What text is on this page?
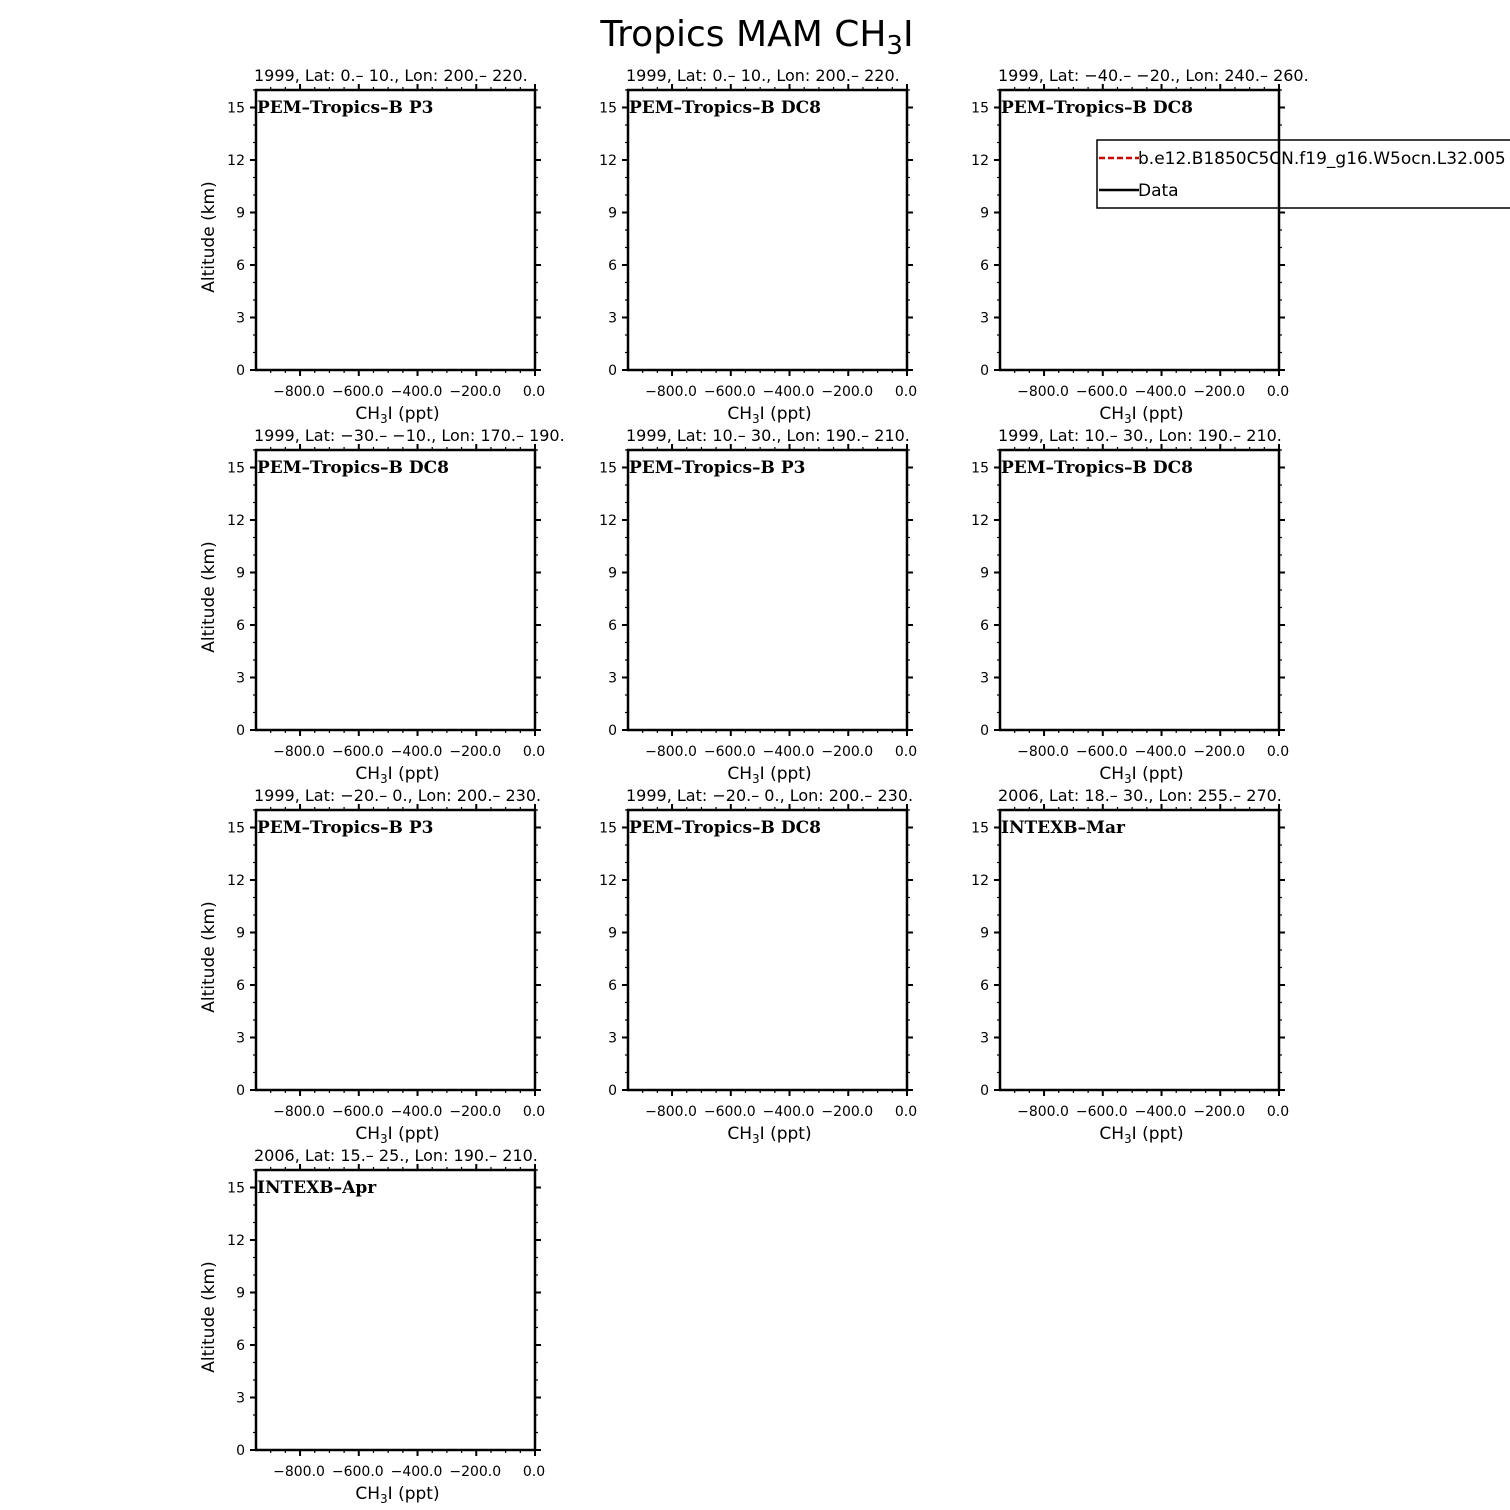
Tropics MAM $CH_3I$
1999, Lat: 0.– 10., Lon: 200.– 220.
PEM–Tropics–B P3
−800.0 −600.0 −400.0 −200.0 0.0
0
3
6
9
12
15
$CH_3I$ (ppt)
Altitude (km)
1999, Lat: 0.– 10., Lon: 200.– 220.
PEM–Tropics–B DC8
−800.0 −600.0 −400.0 −200.0 0.0
0
3
6
9
12
15
$CH_3I$ (ppt)
1999, Lat: −40.– −20., Lon: 240.– 260.
PEM–Tropics–B DC8
−800.0 −600.0 −400.0 −200.0 0.0
0
3
6
9
12
15
$CH_3I$ (ppt)
1999, Lat: −30.– −10., Lon: 170.– 190.
PEM–Tropics–B DC8
−800.0 −600.0 −400.0 −200.0 0.0
0
3
6
9
12
15
$CH_3I$ (ppt)
Altitude (km)
1999, Lat: 10.– 30., Lon: 190.– 210.
PEM–Tropics–B P3
−800.0 −600.0 −400.0 −200.0 0.0
0
3
6
9
12
15
$CH_3I$ (ppt)
1999, Lat: 10.– 30., Lon: 190.– 210.
PEM–Tropics–B DC8
−800.0 −600.0 −400.0 −200.0 0.0
0
3
6
9
12
15
$CH_3I$ (ppt)
1999, Lat: −20.– 0., Lon: 200.– 230.
PEM–Tropics–B P3
−800.0 −600.0 −400.0 −200.0 0.0
0
3
6
9
12
15
$CH_3I$ (ppt)
Altitude (km)
1999, Lat: −20.– 0., Lon: 200.– 230.
PEM–Tropics–B DC8
−800.0 −600.0 −400.0 −200.0 0.0
0
3
6
9
12
15
$CH_3I$ (ppt)
2006, Lat: 18.– 30., Lon: 255.– 270.
INTEXB–Mar
−800.0 −600.0 −400.0 −200.0 0.0
0
3
6
9
12
15
$CH_3I$ (ppt)
2006, Lat: 15.– 25., Lon: 190.– 210.
INTEXB–Apr
−800.0 −600.0 −400.0 −200.0 0.0
0
3
6
9
12
15
$CH_3I$ (ppt)
Altitude (km)
b.e12.B1850C5CN.f19_g16.W5ocn.L32.005
Data
